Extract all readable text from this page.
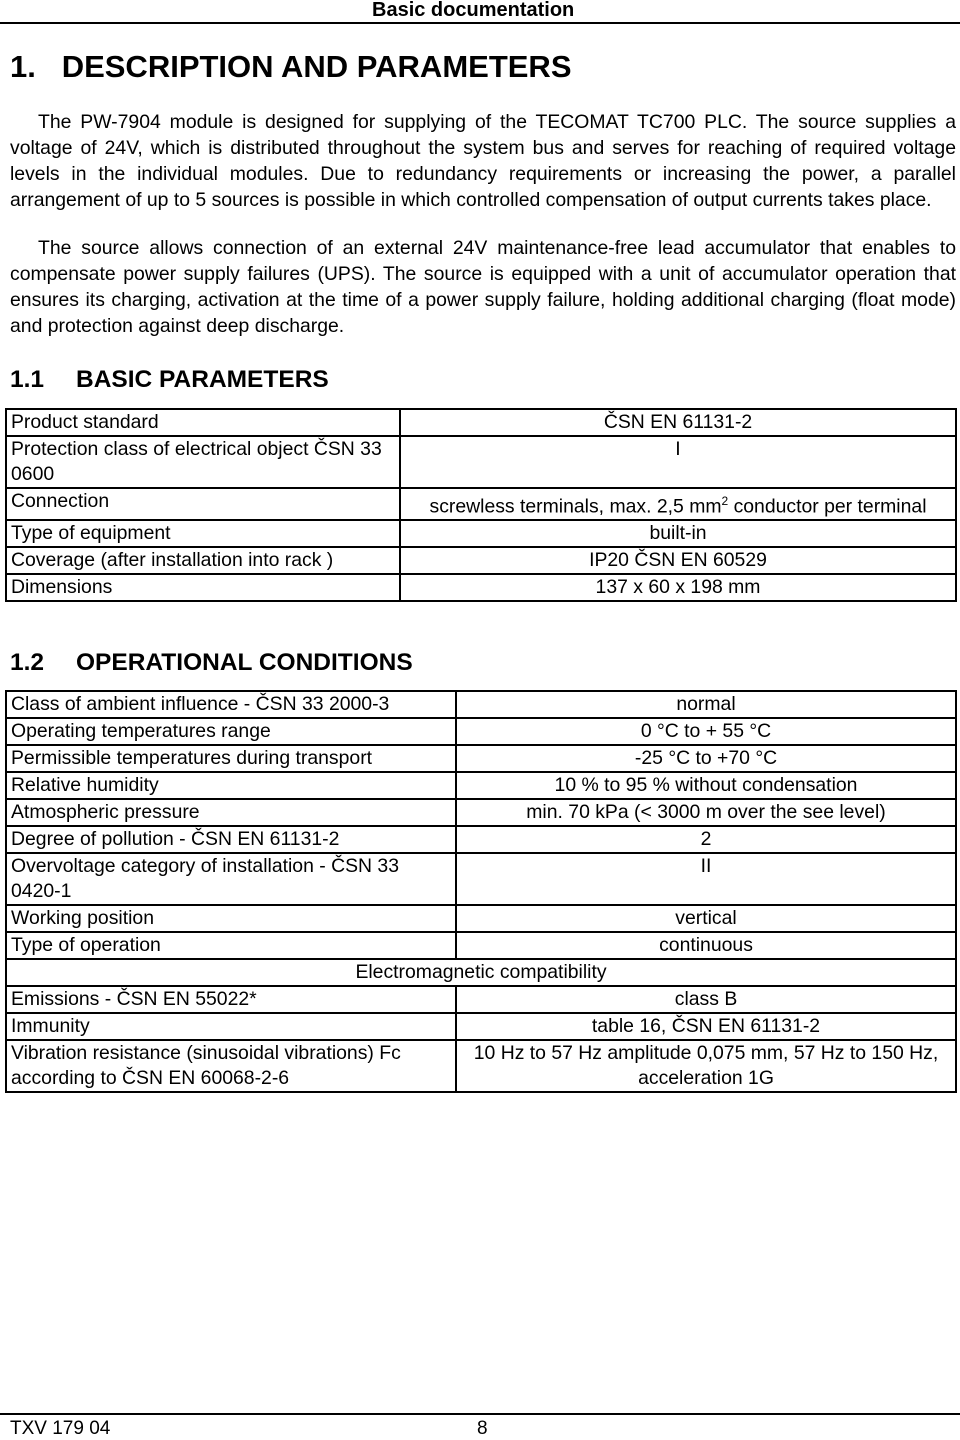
Basic documentation
1.   DESCRIPTION AND PARAMETERS
The PW-7904 module is designed for supplying of the TECOMAT TC700 PLC. The source supplies a voltage of 24V, which is distributed throughout the system bus and serves for reaching of required voltage levels in the individual modules. Due to redundancy requirements or increasing the power, a parallel arrangement of up to 5 sources is possible in which controlled compensation of output currents takes place.
The source allows connection of an external 24V maintenance-free lead accumulator that enables to compensate power supply failures (UPS). The source is equipped with a unit of accumulator operation that ensures its charging, activation at the time of a power supply failure, holding additional charging (float mode) and protection against deep discharge.
1.1 BASIC PARAMETERS
Product standard	ČSN EN 61131-2
Protection class of electrical object ČSN 33 0600	I
Connection	screwless terminals, max. 2,5 $mm^2$ conductor per terminal
Type of equipment	built-in
Coverage (after installation into rack )	IP20 ČSN EN 60529
Dimensions	137 x 60 x 198 mm
1.2 OPERATIONAL CONDITIONS
Class of ambient influence - ČSN 33 2000-3	normal
Operating temperatures range	0 °C to + 55 °C
Permissible temperatures during transport	-25 °C to +70 °C
Relative humidity	10 % to 95 % without condensation
Atmospheric pressure	min. 70 kPa (< 3000 m over the see level)
Degree of pollution - ČSN EN 61131-2	2
Overvoltage category of installation - ČSN 33 0420-1	II
Working position	vertical
Type of operation	continuous
Electromagnetic compatibility	
Emissions - ČSN EN 55022*	class B
Immunity	table 16, ČSN EN 61131-2
Vibration resistance (sinusoidal vibrations) Fc according to ČSN EN 60068-2-6	10 Hz to 57 Hz amplitude 0,075 mm, 57 Hz to 150 Hz, acceleration 1G
TXV 179 04	8
